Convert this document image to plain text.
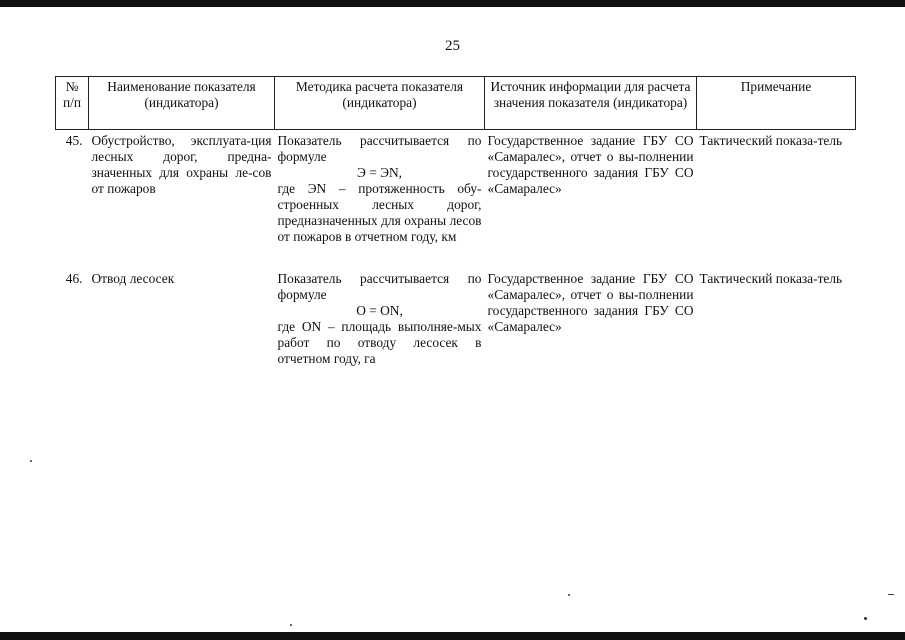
25
№ п/п	Наименование показателя (индикатора)	Методика расчета показателя (индикатора)	Источник информации для расчета значения показателя (индикатора)	Примечание
45.	Обустройство, эксплуата-ция лесных дорог, предна-значенных для охраны ле-сов от пожаров	Показатель рассчитывается по формуле
Э = ЭN,
где ЭN – протяженность обу-строенных лесных дорог, предназначенных для охраны лесов от пожаров в отчетном году, км	Государственное задание ГБУ СО «Самаралес», отчет о вы-полнении государственного задания ГБУ СО «Самаралес»	Тактический показа-тель

46.	Отвод лесосек	Показатель рассчитывается по формуле
О = ОN,
где ОN – площадь выполняе-мых работ по отводу лесосек в отчетном году, га	Государственное задание ГБУ СО «Самаралес», отчет о вы-полнении государственного задания ГБУ СО «Самаралес»	Тактический показа-тель
